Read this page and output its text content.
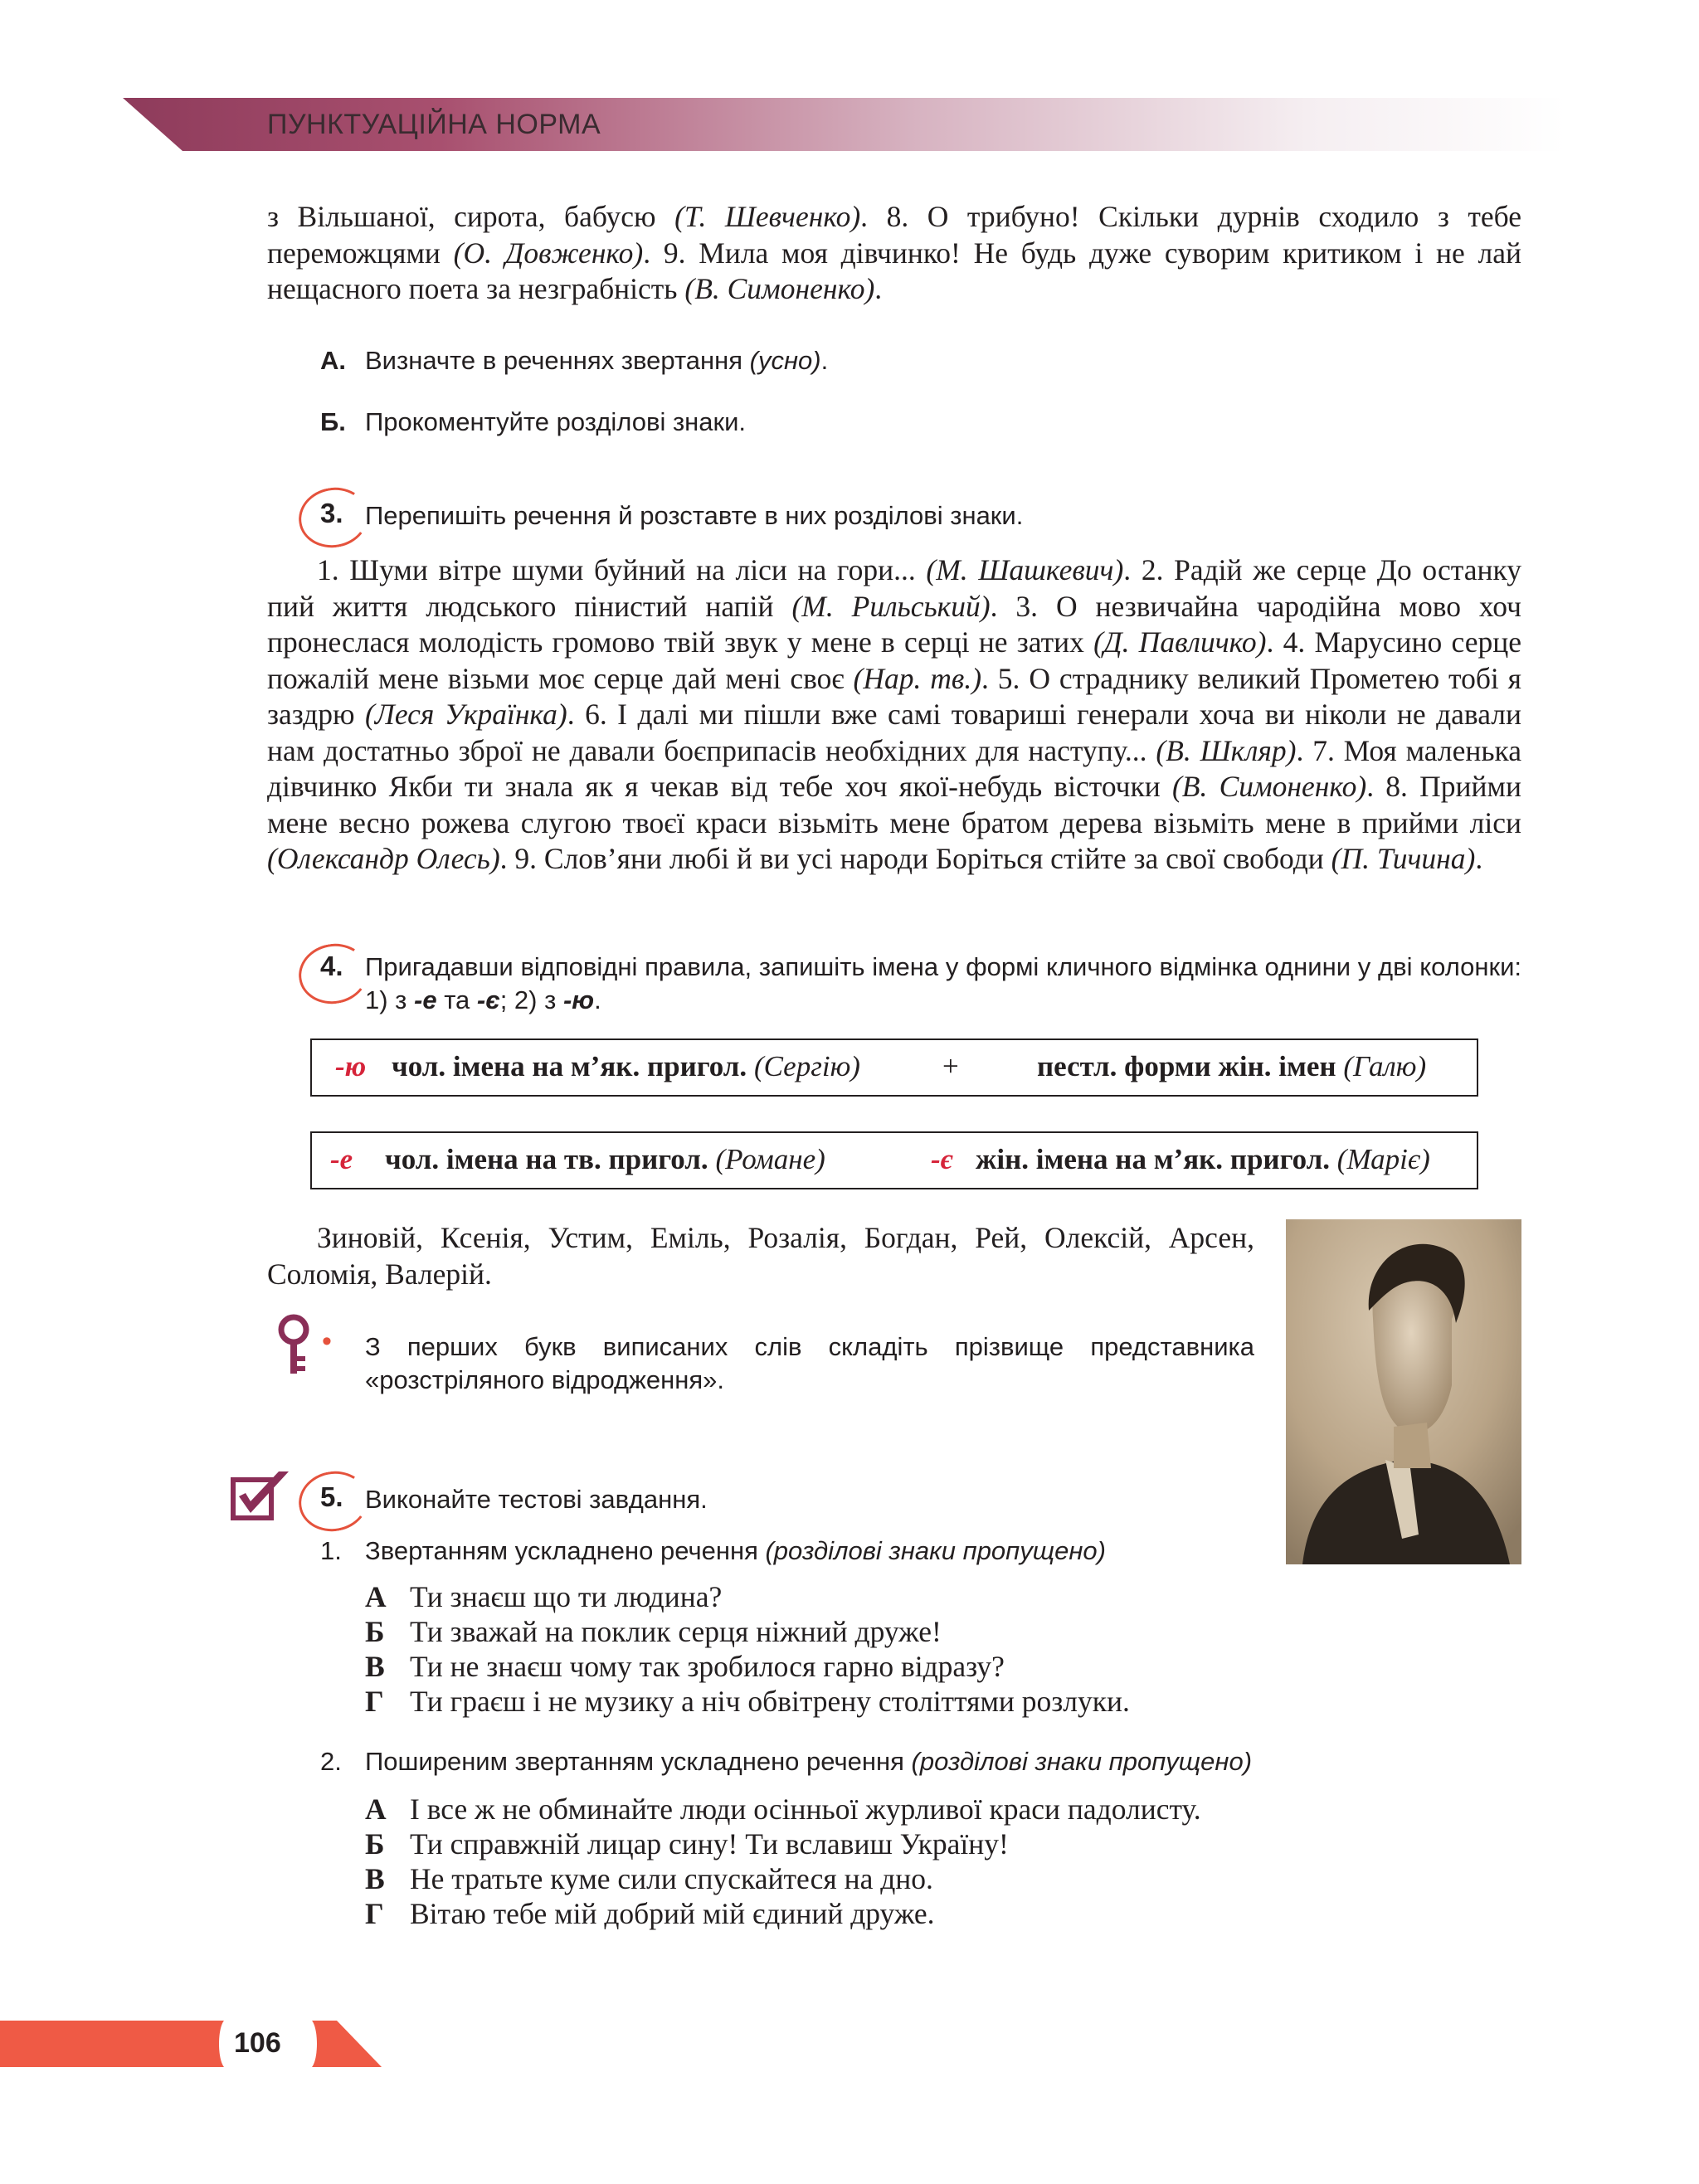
ПУНКТУАЦІЙНА НОРМА
з Вільшаної, сирота, бабусю (Т. Шевченко). 8. О трибуно! Скільки дурнів сходило з тебе переможцями (О. Довженко). 9. Мила моя дівчинко! Не будь дуже суворим критиком і не лай нещасного поета за незграбність (В. Симоненко).
А. Визначте в реченнях звертання (усно).
Б. Прокоментуйте розділові знаки.
3. Перепишіть речення й розставте в них розділові знаки.
1. Шуми вітре шуми буйний на ліси на гори... (М. Шашкевич). 2. Радій же серце До останку пий життя людського пінистий напій (М. Рильський). 3. О незвичайна чародійна мово хоч пронеслася молодість громово твій звук у мене в серці не затих (Д. Павличко). 4. Марусино серце пожалій мене візьми моє серце дай мені своє (Нар. тв.). 5. О страднику великий Прометею тобі я заздрю (Леся Українка). 6. І далі ми пішли вже самі товариші генерали хоча ви ніколи не давали нам достатньо зброї не давали боєприпасів необхідних для наступу... (В. Шкляр). 7. Моя маленька дівчинко Якби ти знала як я чекав від тебе хоч якої-небудь вісточки (В. Симоненко). 8. Прийми мене весно рожева слугою твоєї краси візьміть мене братом дерева візьміть мене в прийми ліси (Олександр Олесь). 9. Слов’яни любі й ви усі народи Боріться стійте за свої свободи (П. Тичина).
4. Пригадавши відповідні правила, запишіть імена у формі кличного відмінка однини у дві колонки: 1) з -е та -є; 2) з -ю.
-ю чол. імена на м’як. пригол. (Сергію)	+	пестл. форми жін. імен (Галю)
-е чол. імена на тв. пригол. (Романе)	-є жін. імена на м’як. пригол. (Маріє)
Зиновій, Ксенія, Устим, Еміль, Розалія, Богдан, Рей, Олексій, Арсен, Соломія, Валерій.
• З перших букв виписаних слів складіть прізвище представника «розстріляного відродження».
5. Виконайте тестові завдання.
1. Звертанням ускладнено речення (розділові знаки пропущено)
А Ти знаєш що ти людина?
Б Ти зважай на поклик серця ніжний друже!
В Ти не знаєш чому так зробилося гарно відразу?
Г Ти граєш і не музику а ніч обвітрену століттями розлуки.
2. Поширеним звертанням ускладнено речення (розділові знаки пропущено)
А І все ж не обминайте люди осінньої журливої краси падолисту.
Б Ти справжній лицар сину! Ти вславиш Україну!
В Не тратьте куме сили спускайтеся на дно.
Г Вітаю тебе мій добрий мій єдиний друже.
106
